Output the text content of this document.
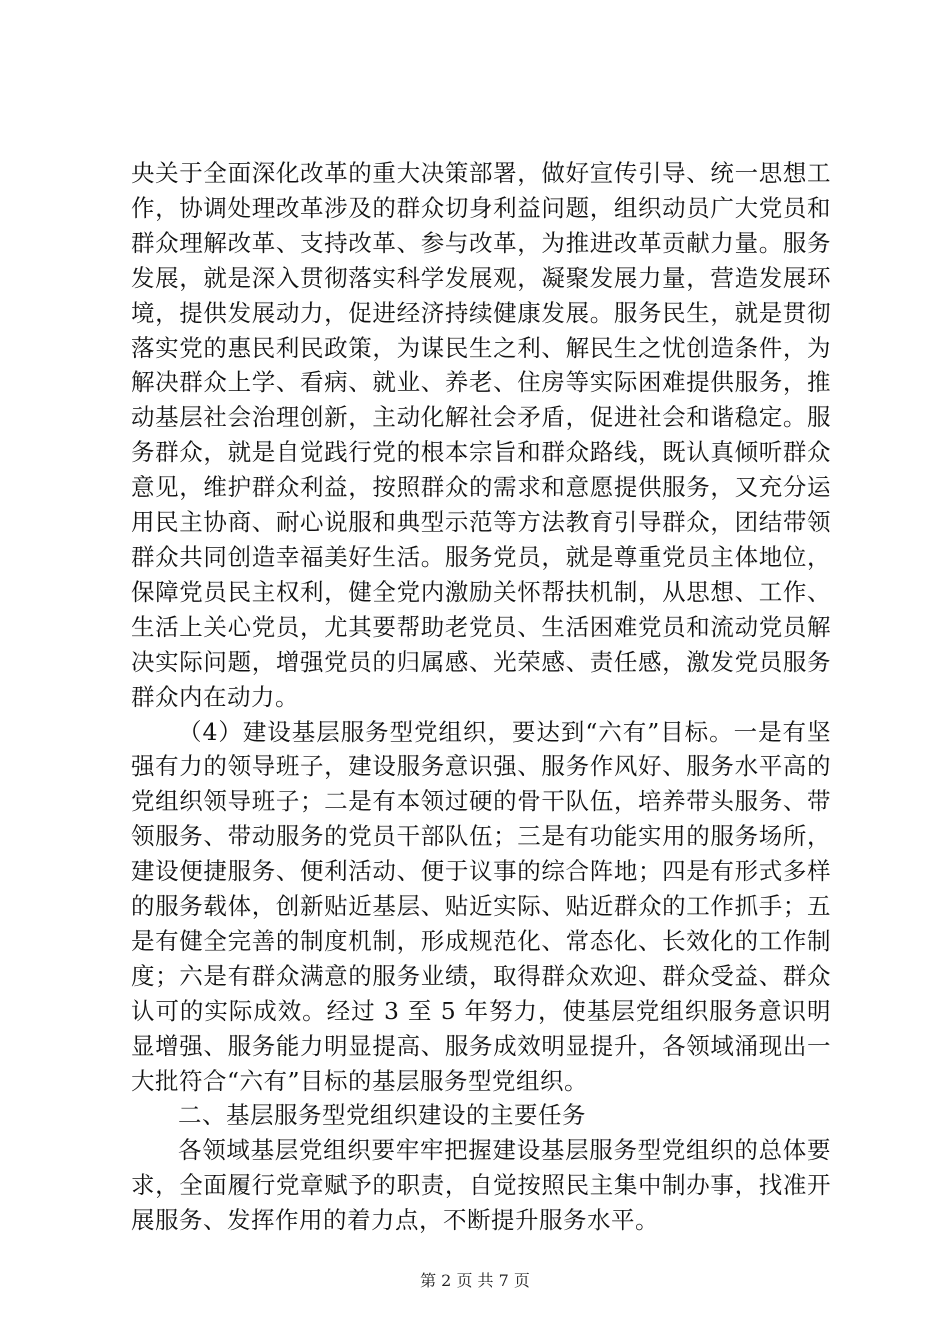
央关于全面深化改革的重大决策部署，做好宣传引导、统一思想工作，协调处理改革涉及的群众切身利益问题，组织动员广大党员和群众理解改革、支持改革、参与改革，为推进改革贡献力量。服务发展，就是深入贯彻落实科学发展观，凝聚发展力量，营造发展环境，提供发展动力，促进经济持续健康发展。服务民生，就是贯彻落实党的惠民利民政策，为谋民生之利、解民生之忧创造条件，为解决群众上学、看病、就业、养老、住房等实际困难提供服务，推动基层社会治理创新，主动化解社会矛盾，促进社会和谐稳定。服务群众，就是自觉践行党的根本宗旨和群众路线，既认真倾听群众意见，维护群众利益，按照群众的需求和意愿提供服务，又充分运用民主协商、耐心说服和典型示范等方法教育引导群众，团结带领群众共同创造幸福美好生活。服务党员，就是尊重党员主体地位，保障党员民主权利，健全党内激励关怀帮扶机制，从思想、工作、生活上关心党员，尤其要帮助老党员、生活困难党员和流动党员解决实际问题，增强党员的归属感、光荣感、责任感，激发党员服务群众内在动力。

（4）建设基层服务型党组织，要达到“六有”目标。一是有坚强有力的领导班子，建设服务意识强、服务作风好、服务水平高的党组织领导班子；二是有本领过硬的骨干队伍，培养带头服务、带领服务、带动服务的党员干部队伍；三是有功能实用的服务场所，建设便捷服务、便利活动、便于议事的综合阵地；四是有形式多样的服务载体，创新贴近基层、贴近实际、贴近群众的工作抓手；五是有健全完善的制度机制，形成规范化、常态化、长效化的工作制度；六是有群众满意的服务业绩，取得群众欢迎、群众受益、群众认可的实际成效。经过 3 至 5 年努力，使基层党组织服务意识明显增强、服务能力明显提高、服务成效明显提升，各领域涌现出一大批符合“六有”目标的基层服务型党组织。

二、基层服务型党组织建设的主要任务

各领域基层党组织要牢牢把握建设基层服务型党组织的总体要求，全面履行党章赋予的职责，自觉按照民主集中制办事，找准开展服务、发挥作用的着力点，不断提升服务水平。

第 2 页 共 7 页
